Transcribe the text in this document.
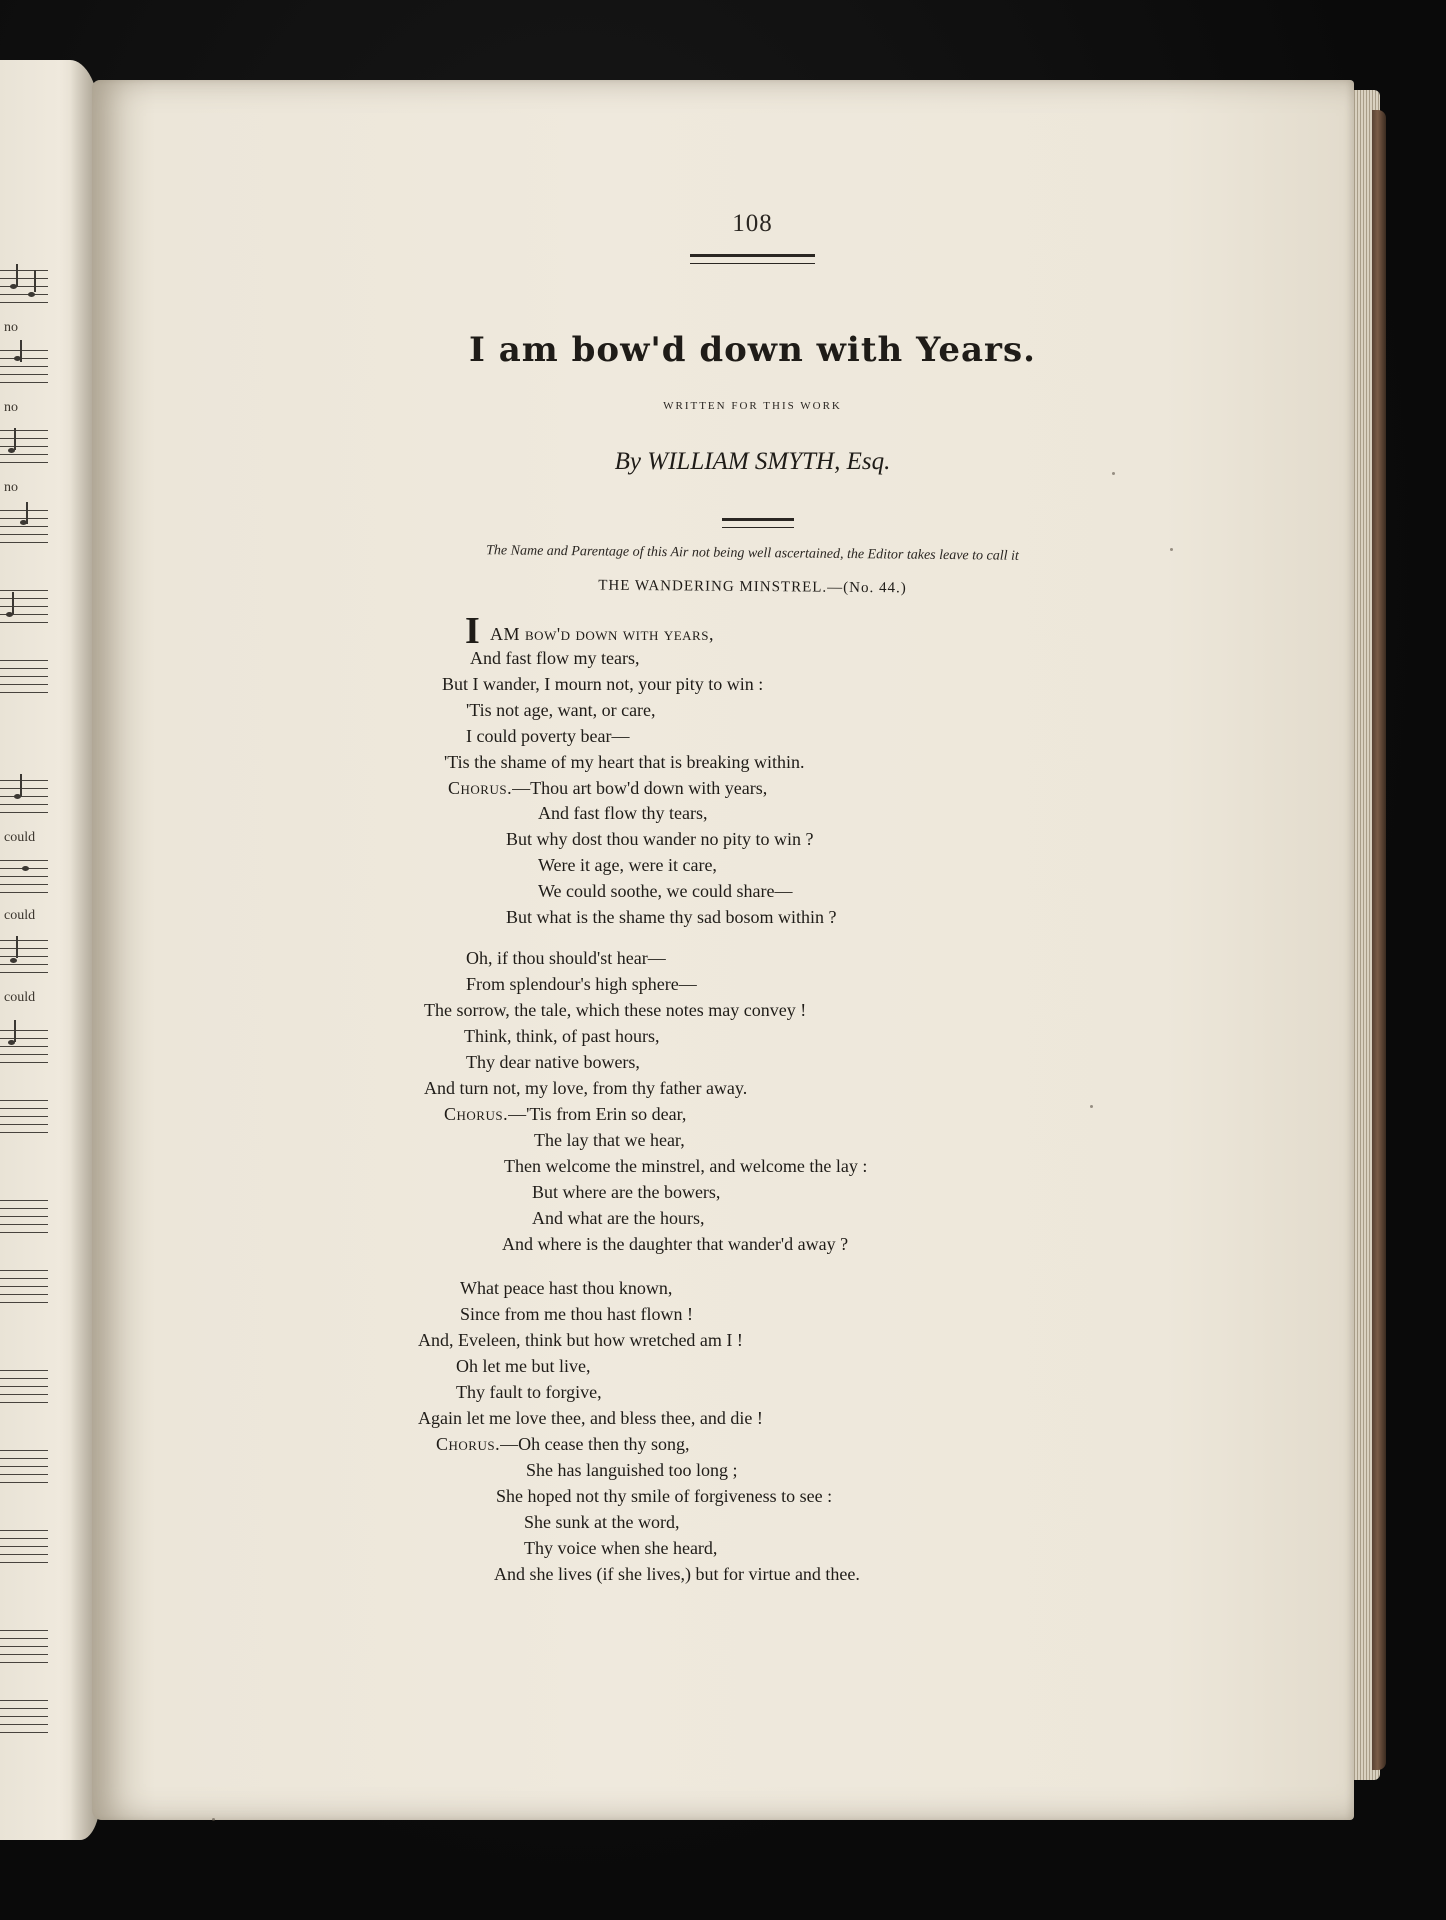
no
no
no
could
could
could
108
I am bow'd down with Years.
WRITTEN FOR THIS WORK
By WILLIAM SMYTH, Esq.
The Name and Parentage of this Air not being well ascertained, the Editor takes leave to call it
THE WANDERING MINSTREL.—(No. 44.)
I AM bow'd down with years,
And fast flow my tears,
But I wander, I mourn not, your pity to win :
'Tis not age, want, or care,
I could poverty bear—
'Tis the shame of my heart that is breaking within.
Chorus.—Thou art bow'd down with years,
And fast flow thy tears,
But why dost thou wander no pity to win ?
Were it age, were it care,
We could soothe, we could share—
But what is the shame thy sad bosom within ?
Oh, if thou should'st hear—
From splendour's high sphere—
The sorrow, the tale, which these notes may convey !
Think, think, of past hours,
Thy dear native bowers,
And turn not, my love, from thy father away.
Chorus.—'Tis from Erin so dear,
The lay that we hear,
Then welcome the minstrel, and welcome the lay :
But where are the bowers,
And what are the hours,
And where is the daughter that wander'd away ?
What peace hast thou known,
Since from me thou hast flown !
And, Eveleen, think but how wretched am I !
Oh let me but live,
Thy fault to forgive,
Again let me love thee, and bless thee, and die !
Chorus.—Oh cease then thy song,
She has languished too long ;
She hoped not thy smile of forgiveness to see :
She sunk at the word,
Thy voice when she heard,
And she lives (if she lives,) but for virtue and thee.
